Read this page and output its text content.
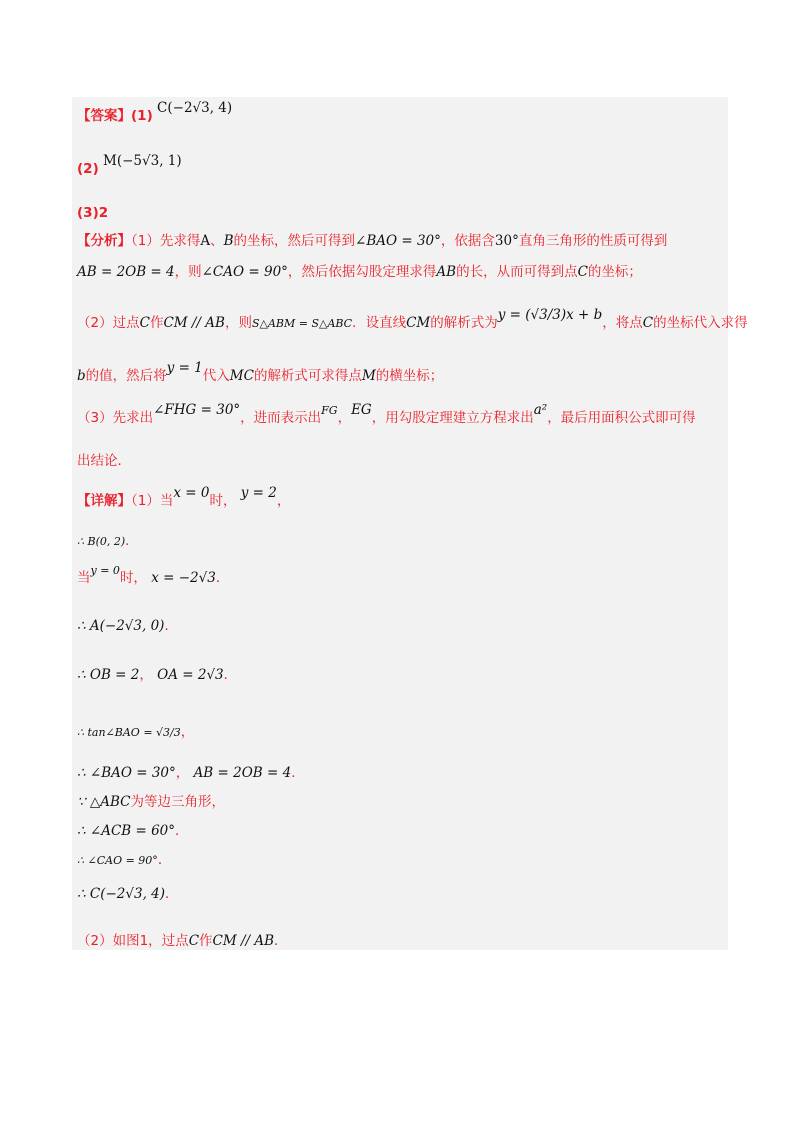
【答案】(1) C(−2√3, 4)
(2) M(−5√3, 1)
(3)2
【分析】（1）先求得A、B的坐标，然后可得到∠BAO = 30°，依据含30°直角三角形的性质可得到
AB = 2OB = 4，则∠CAO = 90°，然后依据勾股定理求得AB的长，从而可得到点C的坐标；
（2）过点C作CM // AB，则S△ABM = S△ABC．设直线CM的解析式为y = (√3/3)x + b，将点C的坐标代入求得
b的值，然后将y = 1代入MC的解析式可求得点M的横坐标；
（3）先求出∠FHG = 30°，进而表示出$^{FG}$，EG，用勾股定理建立方程求出a²，最后用面积公式即可得
出结论．
【详解】（1）当x = 0时， y = 2，
∴ B(0, 2)．
当$^{y = 0}$时， x = −2√3．
∴ A(−2√3, 0)．
∴ OB = 2， OA = 2√3．
∴ tan∠BAO = √3/3，
∴ ∠BAO = 30°， AB = 2OB = 4．
∵ △ABC为等边三角形，
∴ ∠ACB = 60°．
∴ ∠CAO = 90°．
∴ C(−2√3, 4)．
（2）如图1，过点C作CM // AB．
